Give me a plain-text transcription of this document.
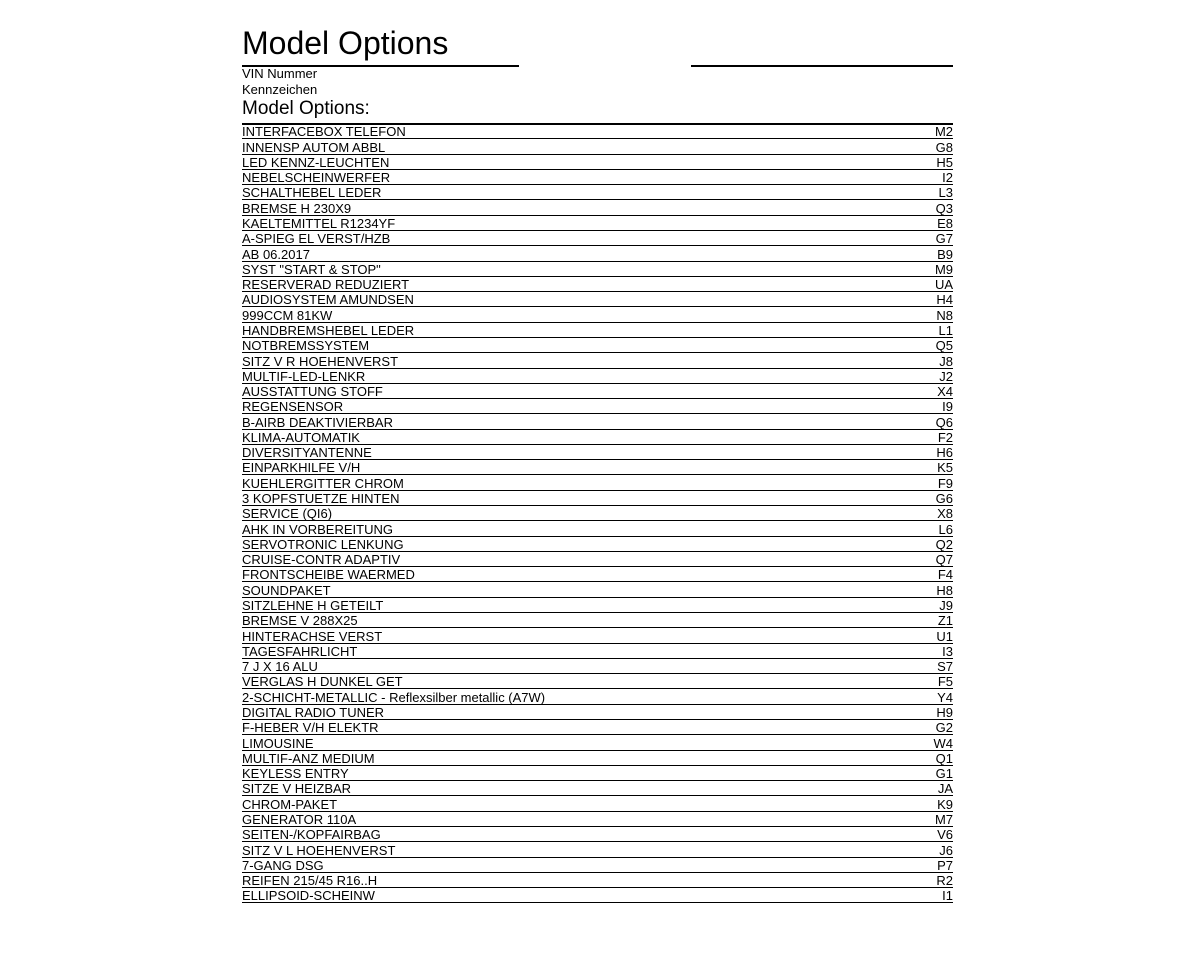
Model Options
VIN Nummer
Kennzeichen
Model Options:
INTERFACEBOX TELEFON	M2
INNENSP AUTOM ABBL	G8
LED KENNZ-LEUCHTEN	H5
NEBELSCHEINWERFER	I2
SCHALTHEBEL LEDER	L3
BREMSE H 230X9	Q3
KAELTEMITTEL R1234YF	E8
A-SPIEG EL VERST/HZB	G7
AB 06.2017	B9
SYST "START & STOP"	M9
RESERVERAD REDUZIERT	UA
AUDIOSYSTEM AMUNDSEN	H4
999CCM 81KW	N8
HANDBREMSHEBEL LEDER	L1
NOTBREMSSYSTEM	Q5
SITZ V R HOEHENVERST	J8
MULTIF-LED-LENKR	J2
AUSSTATTUNG STOFF	X4
REGENSENSOR	I9
B-AIRB DEAKTIVIERBAR	Q6
KLIMA-AUTOMATIK	F2
DIVERSITYANTENNE	H6
EINPARKHILFE V/H	K5
KUEHLERGITTER CHROM	F9
3 KOPFSTUETZE HINTEN	G6
SERVICE (QI6)	X8
AHK IN VORBEREITUNG	L6
SERVOTRONIC LENKUNG	Q2
CRUISE-CONTR ADAPTIV	Q7
FRONTSCHEIBE WAERMED	F4
SOUNDPAKET	H8
SITZLEHNE H GETEILT	J9
BREMSE V 288X25	Z1
HINTERACHSE VERST	U1
TAGESFAHRLICHT	I3
7 J X 16 ALU	S7
VERGLAS H DUNKEL GET	F5
2-SCHICHT-METALLIC - Reflexsilber metallic (A7W)	Y4
DIGITAL RADIO TUNER	H9
F-HEBER V/H ELEKTR	G2
LIMOUSINE	W4
MULTIF-ANZ MEDIUM	Q1
KEYLESS ENTRY	G1
SITZE V HEIZBAR	JA
CHROM-PAKET	K9
GENERATOR 110A	M7
SEITEN-/KOPFAIRBAG	V6
SITZ V L HOEHENVERST	J6
7-GANG DSG	P7
REIFEN 215/45 R16..H	R2
ELLIPSOID-SCHEINW	I1
